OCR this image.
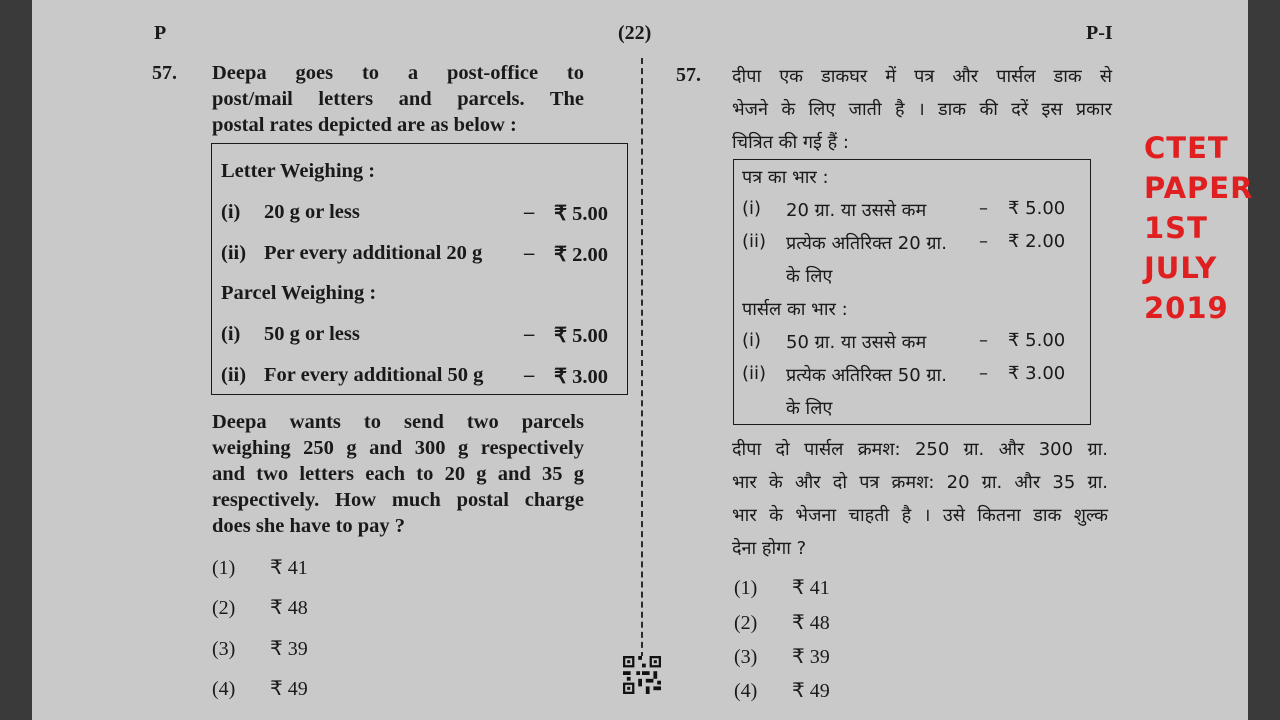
P	(22)	P-I
57. Deepa goes to a post-office to
post/mail letters and parcels. The
postal rates depicted are as below :
Letter Weighing :
(i) 20 g or less	– ₹ 5.00
(ii) Per every additional 20 g – ₹ 2.00
Parcel Weighing :
(i) 50 g or less	– ₹ 5.00
(ii) For every additional 50 g – ₹ 3.00
Deepa wants to send two parcels
weighing 250 g and 300 g respectively
and two letters each to 20 g and 35 g
respectively. How much postal charge
does she have to pay ?
(1) ₹ 41
(2) ₹ 48
(3) ₹ 39
(4) ₹ 49
57. दीपा एक डाकघर में पत्र और पार्सल डाक से
भेजने के लिए जाती है । डाक की दरें इस प्रकार
चित्रित की गई हैं :
पत्र का भार :
(i) 20 ग्रा. या उससे कम	– ₹ 5.00
(ii) प्रत्येक अतिरिक्त 20 ग्रा.
के लिए
– ₹ 2.00
पार्सल का भार :
(i) 50 ग्रा. या उससे कम	– ₹ 5.00
(ii) प्रत्येक अतिरिक्त 50 ग्रा.
के लिए
– ₹ 3.00
दीपा दो पार्सल क्रमश: 250 ग्रा. और 300 ग्रा.
भार के और दो पत्र क्रमश: 20 ग्रा. और 35 ग्रा.
भार के भेजना चाहती है । उसे कितना डाक शुल्क
देना होगा ?
(1) ₹ 41
(2) ₹ 48
(3) ₹ 39
(4) ₹ 49
CTET
PAPER
1ST
JULY
2019
